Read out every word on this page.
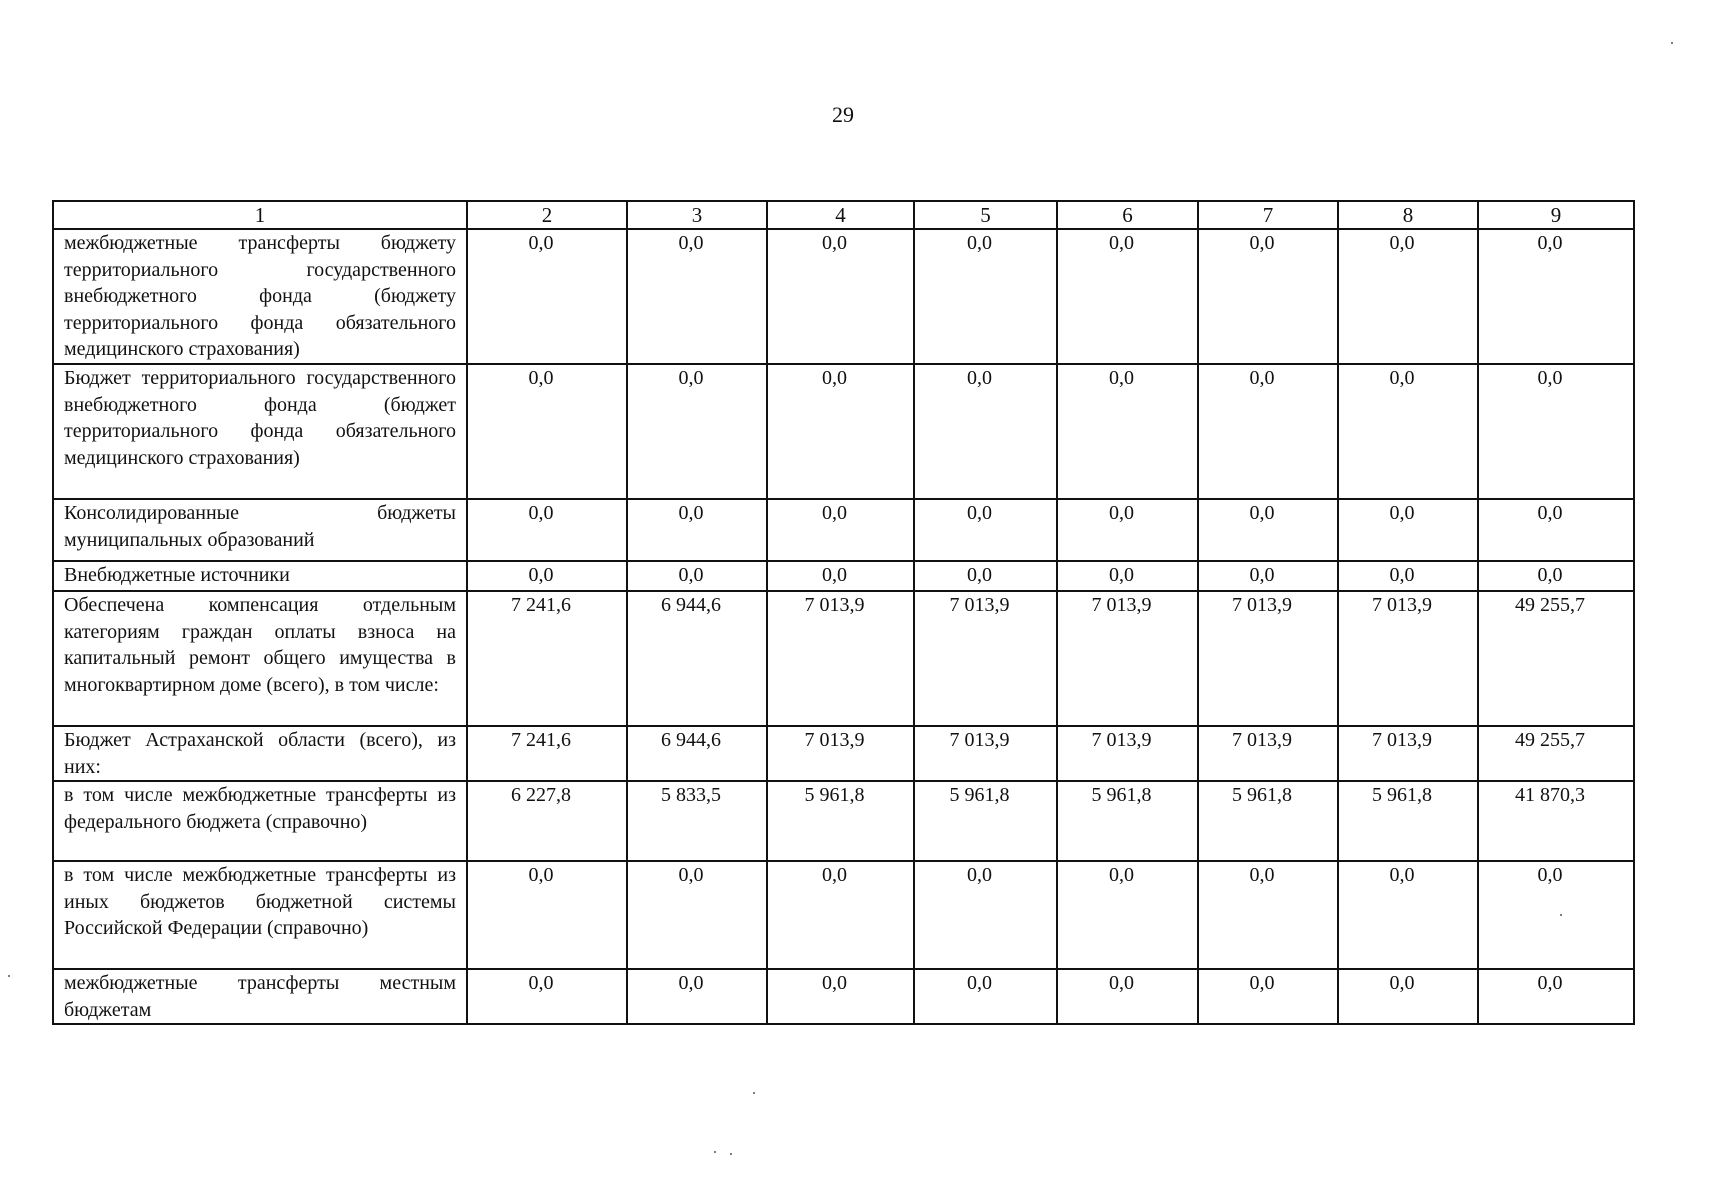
29
1	2	3	4	5	6	7	8	9
межбюджетные трансферты бюджету территориального государственного внебюджетного фонда (бюджету территориального фонда обязательного медицинского страхования)	0,0	0,0	0,0	0,0	0,0	0,0	0,0	0,0

Бюджет территориального государственного внебюджетного фонда (бюджет территориального фонда обязательного медицинского страхования)	0,0	0,0	0,0	0,0	0,0	0,0	0,0	0,0

Консолидированные бюджеты муниципальных образований	0,0	0,0	0,0	0,0	0,0	0,0	0,0	0,0

Внебюджетные источники	0,0	0,0	0,0	0,0	0,0	0,0	0,0	0,0

Обеспечена компенсация отдельным категориям граждан оплаты взноса на капитальный ремонт общего имущества в многоквартирном доме (всего), в том числе:	7 241,6	6 944,6	7 013,9	7 013,9	7 013,9	7 013,9	7 013,9	49 255,7

Бюджет Астраханской области (всего), из них:	7 241,6	6 944,6	7 013,9	7 013,9	7 013,9	7 013,9	7 013,9	49 255,7

в том числе межбюджетные трансферты из федерального бюджета (справочно)	6 227,8	5 833,5	5 961,8	5 961,8	5 961,8	5 961,8	5 961,8	41 870,3

в том числе межбюджетные трансферты из иных бюджетов бюджетной системы Российской Федерации (справочно)	0,0	0,0	0,0	0,0	0,0	0,0	0,0	0,0

межбюджетные трансферты местным бюджетам	0,0	0,0	0,0	0,0	0,0	0,0	0,0	0,0
